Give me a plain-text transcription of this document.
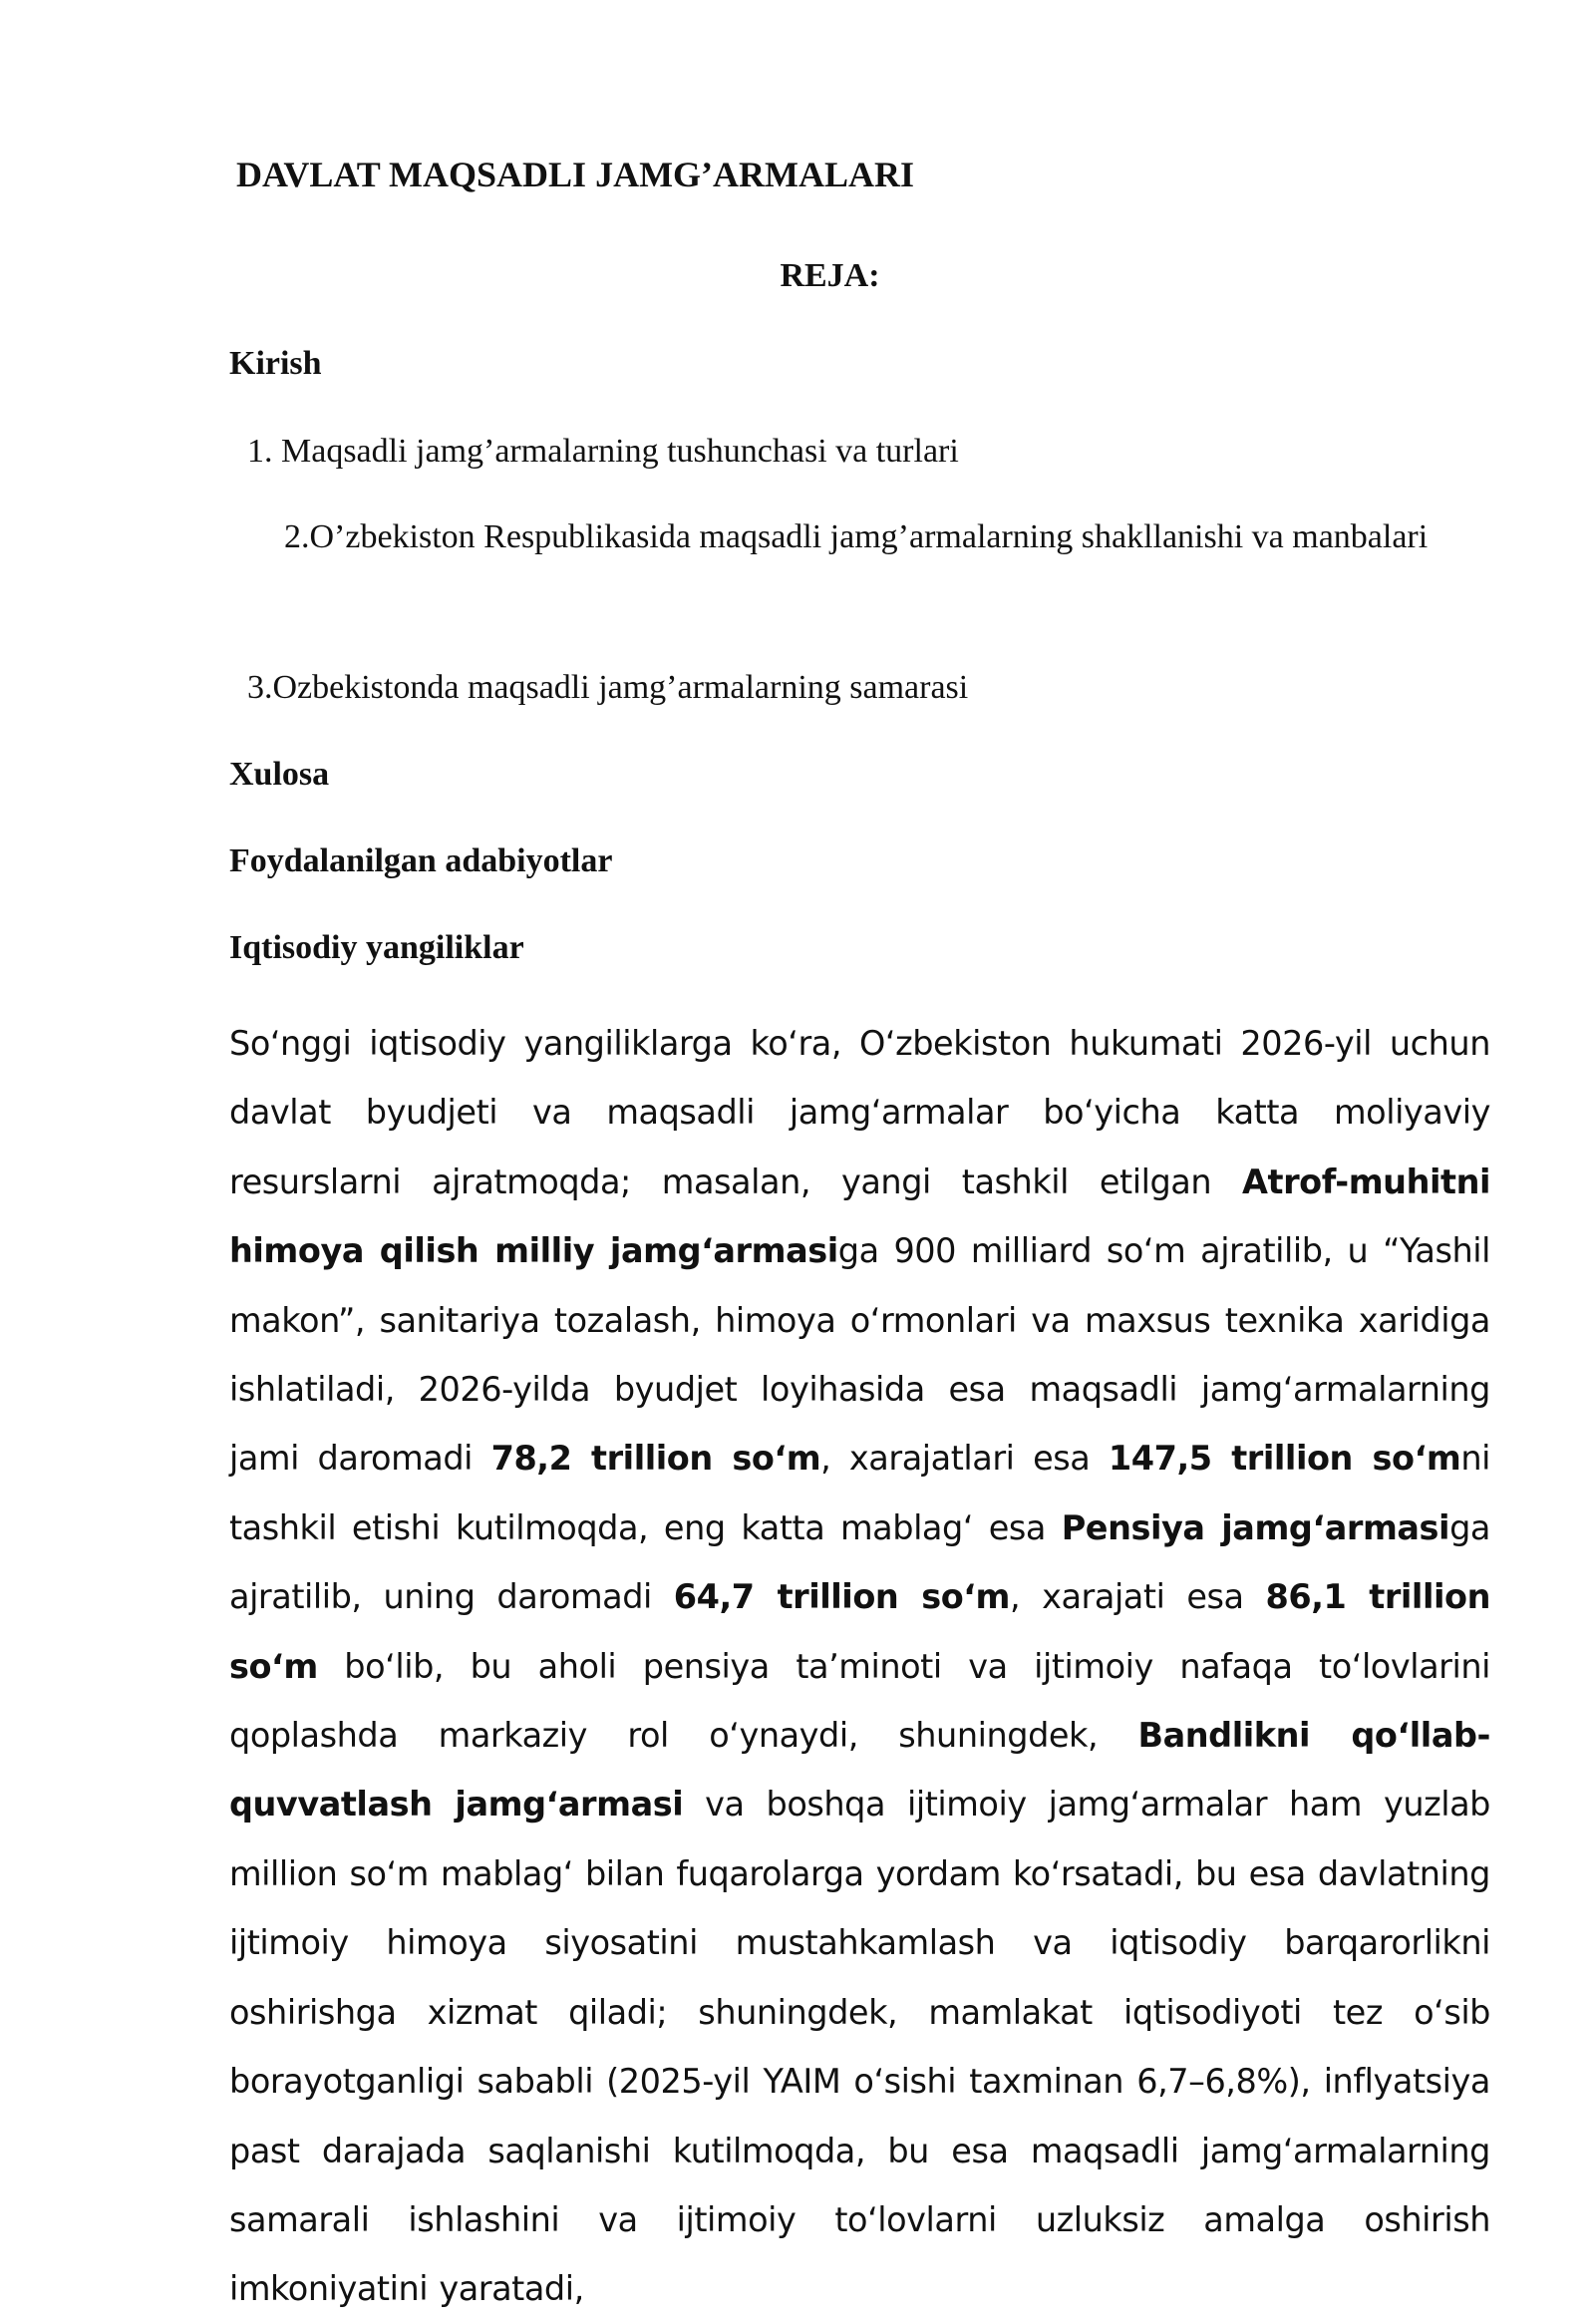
DAVLAT MAQSADLI JAMG’ARMALARI
REJA:
Kirish

1. Maqsadli jamg’armalarning tushunchasi va turlari

2.O’zbekiston Respublikasida maqsadli jamg’armalarning shakllanishi va manbalari

3.Ozbekistonda maqsadli jamg’armalarning samarasi

Xulosa
Foydalanilgan adabiyotlar
Iqtisodiy yangiliklar

So‘nggi iqtisodiy yangiliklarga ko‘ra, O‘zbekiston hukumati 2026-yil uchun davlat byudjeti va maqsadli jamg‘armalar bo‘yicha katta moliyaviy resurslarni ajratmoqda; masalan, yangi tashkil etilgan Atrof-muhitni himoya qilish milliy jamg‘armasiga 900 milliard so‘m ajratilib, u “Yashil makon”, sanitariya tozalash, himoya o‘rmonlari va maxsus texnika xaridiga ishlatiladi, 2026-yilda byudjet loyihasida esa maqsadli jamg‘armalarning jami daromadi 78,2 trillion so‘m, xarajatlari esa 147,5 trillion so‘mni tashkil etishi kutilmoqda, eng katta mablag‘ esa Pensiya jamg‘armasiga ajratilib, uning daromadi 64,7 trillion so‘m, xarajati esa 86,1 trillion so‘m bo‘lib, bu aholi pensiya ta’minoti va ijtimoiy nafaqa to‘lovlarini qoplashda markaziy rol o‘ynaydi, shuningdek, Bandlikni qo‘llab-quvvatlash jamg‘armasi va boshqa ijtimoiy jamg‘armalar ham yuzlab million so‘m mablag‘ bilan fuqarolarga yordam ko‘rsatadi, bu esa davlatning ijtimoiy himoya siyosatini mustahkamlash va iqtisodiy barqarorlikni oshirishga xizmat qiladi; shuningdek, mamlakat iqtisodiyoti tez o‘sib borayotganligi sababli (2025-yil YAIM o‘sishi taxminan 6,7–6,8%), inflyatsiya past darajada saqlanishi kutilmoqda, bu esa maqsadli jamg‘armalarning samarali ishlashini va ijtimoiy to‘lovlarni uzluksiz amalga oshirish imkoniyatini yaratadi,
